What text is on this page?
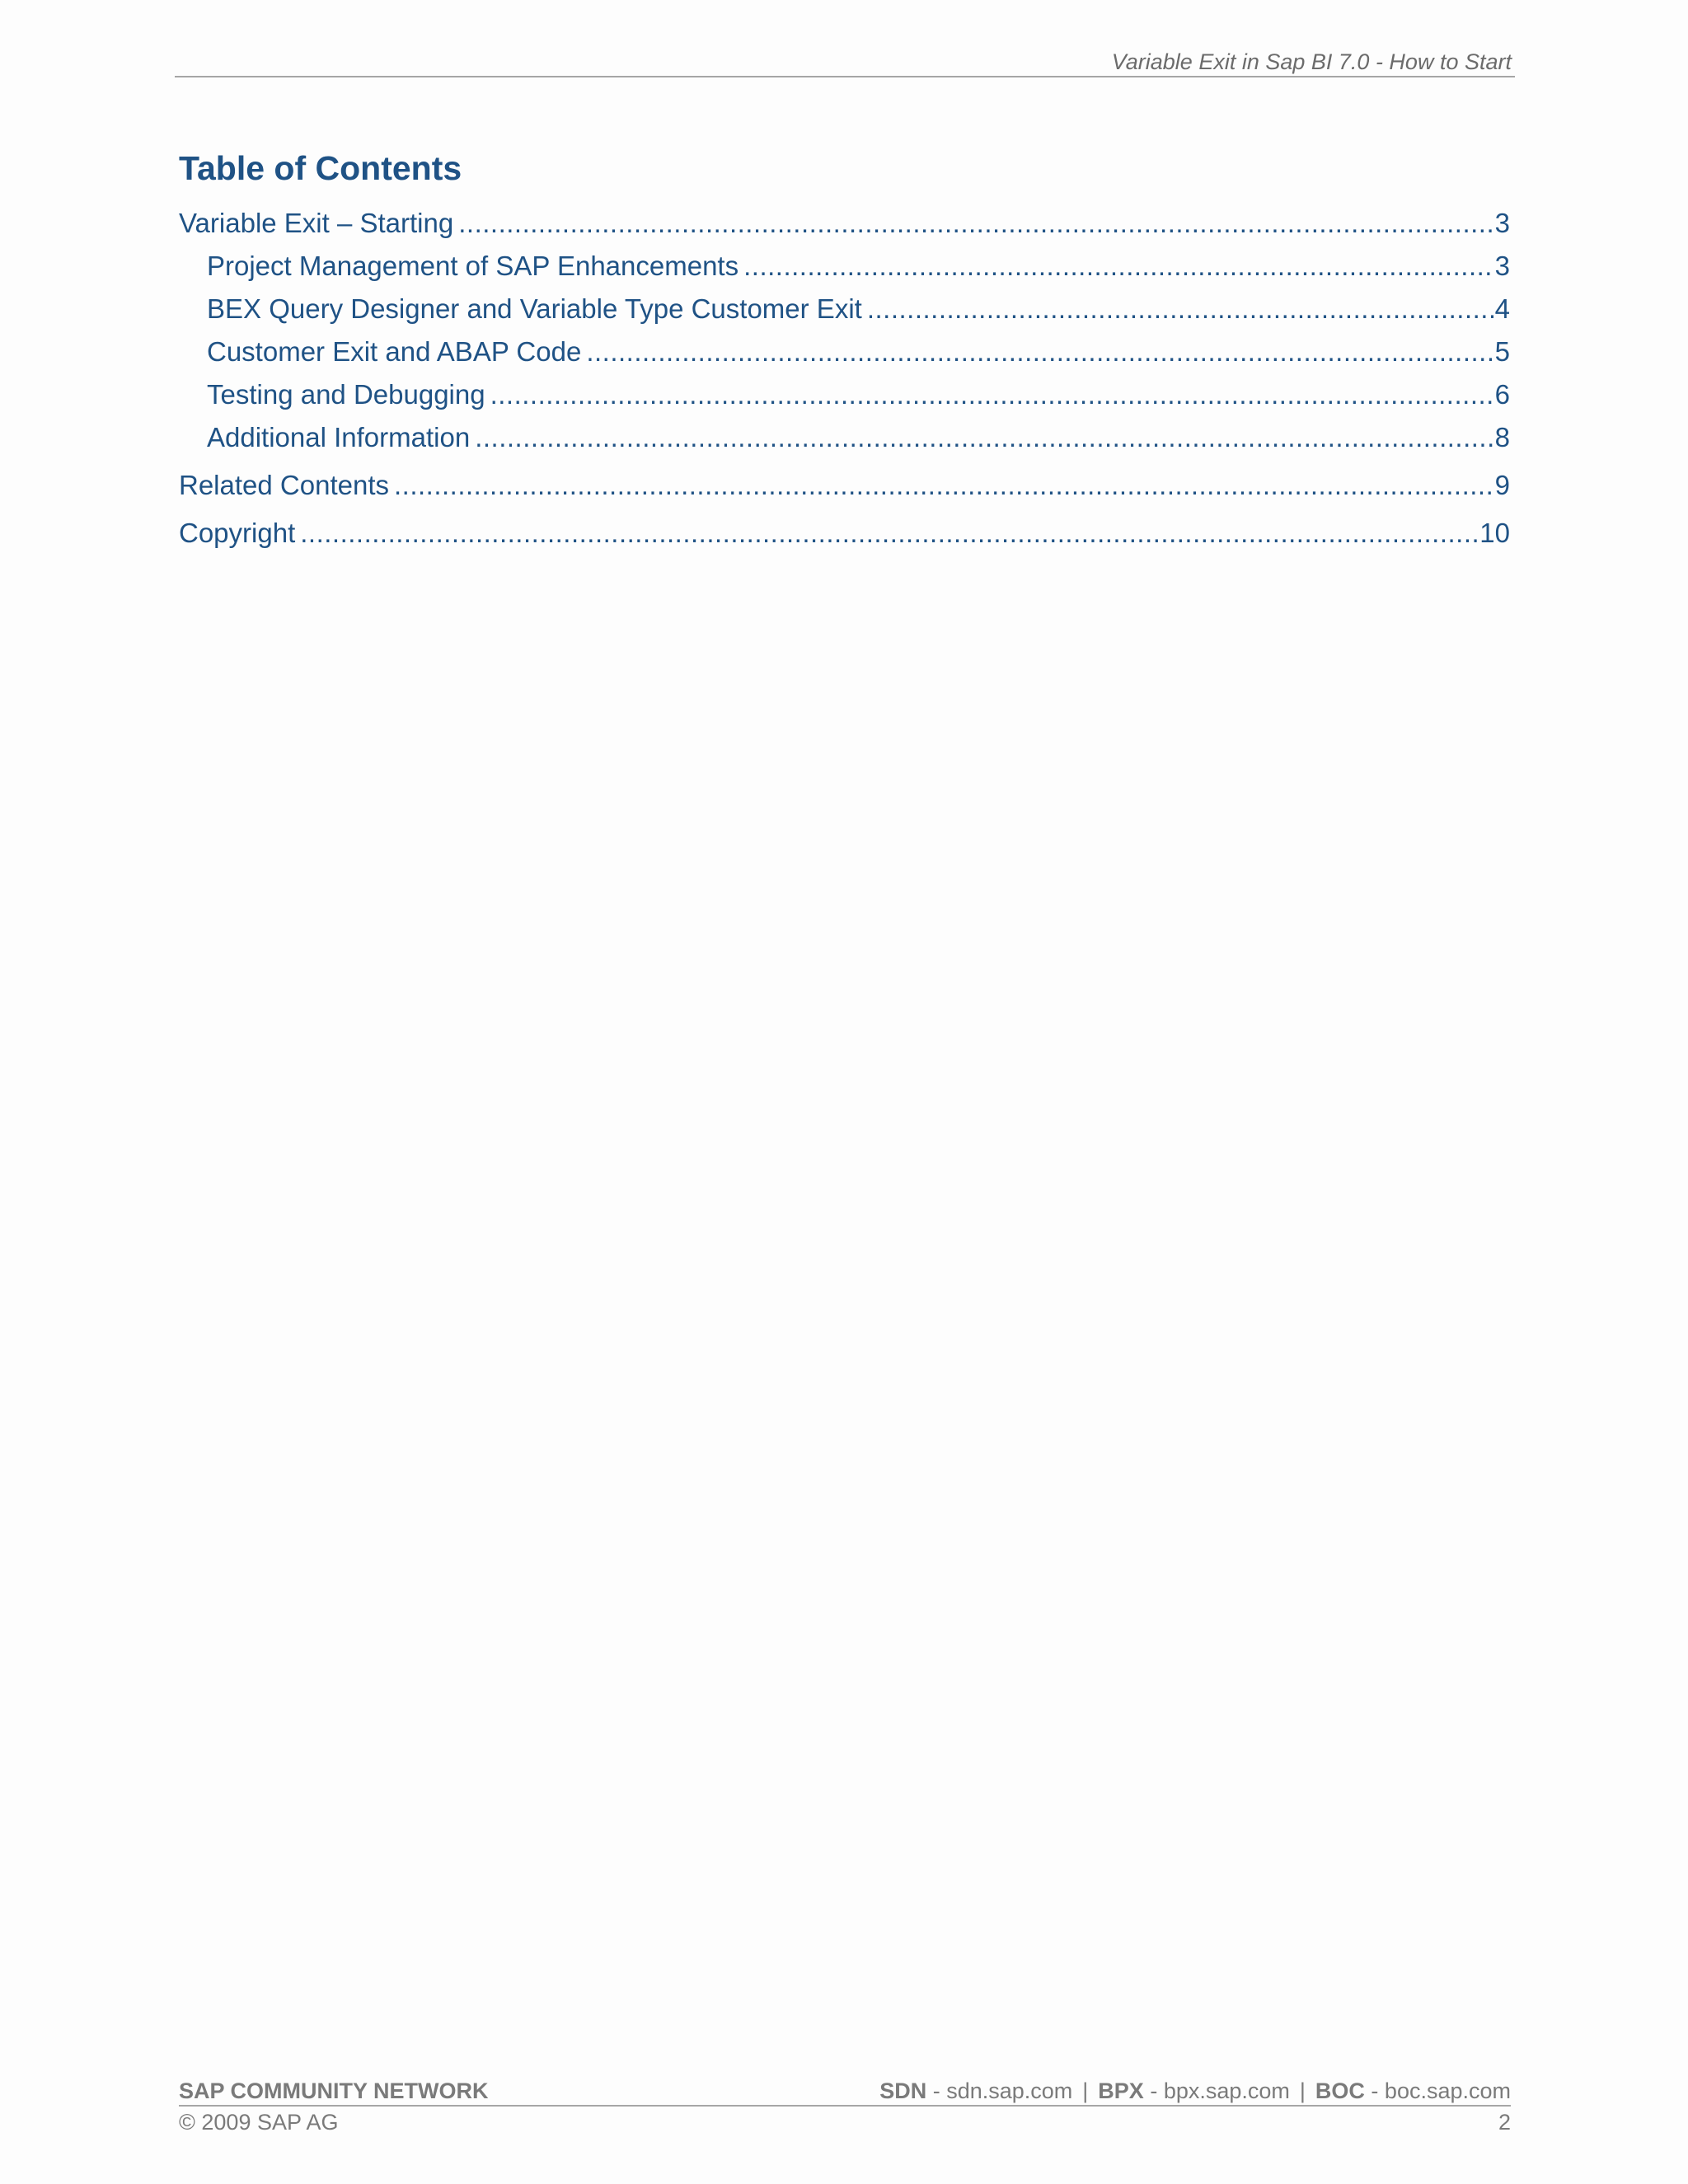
Variable Exit in Sap BI 7.0 - How to Start
Table of Contents
Variable Exit – Starting .....	3
Project Management of SAP Enhancements .....	3
BEX Query Designer and Variable Type Customer Exit .....	4
Customer Exit and ABAP Code .....	5
Testing and Debugging .....	6
Additional Information .....	8
Related Contents .....	9
Copyright .....	10
SAP COMMUNITY NETWORK	SDN - sdn.sap.com | BPX - bpx.sap.com | BOC - boc.sap.com
© 2009 SAP AG	2
